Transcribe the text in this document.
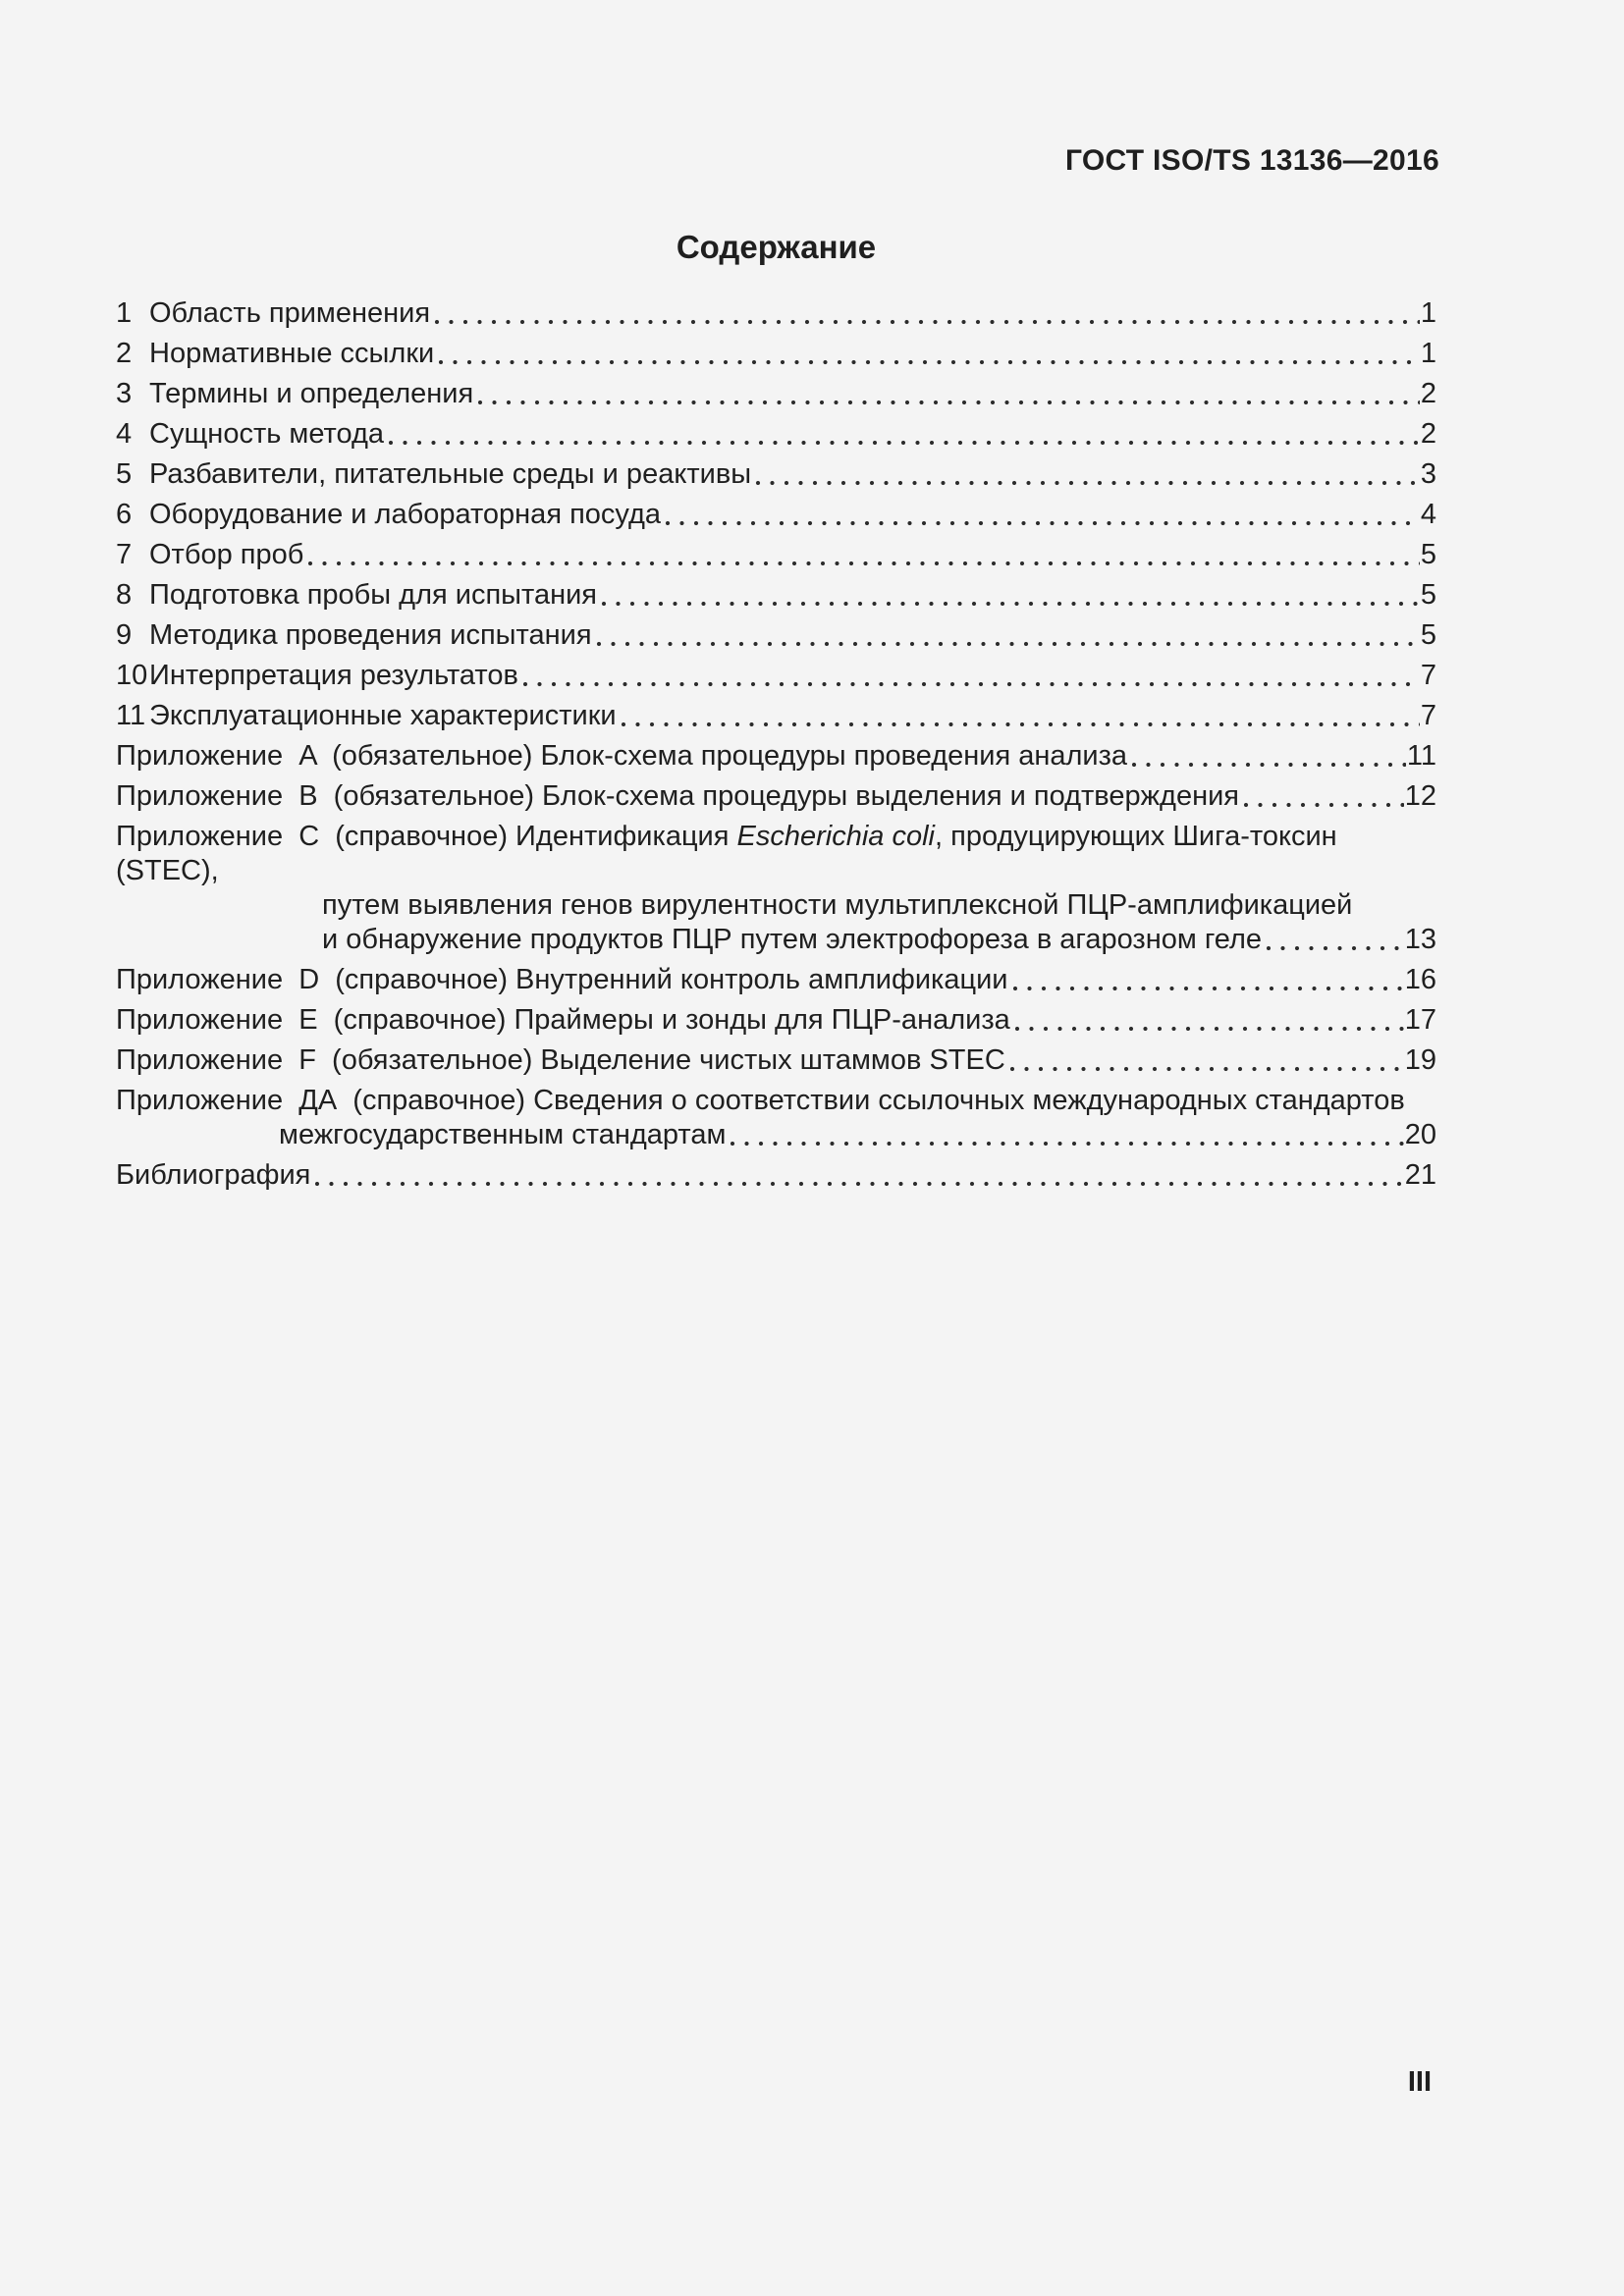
ГОСТ ISO/TS 13136—2016
Содержание
1 Область применения	1
2 Нормативные ссылки	1
3 Термины и определения	2
4 Сущность метода	2
5 Разбавители, питательные среды и реактивы	3
6 Оборудование и лабораторная посуда	4
7 Отбор проб	5
8 Подготовка пробы для испытания	5
9 Методика проведения испытания	5
10 Интерпретация результатов	7
11 Эксплуатационные характеристики	7
Приложение  A  (обязательное) Блок-схема процедуры проведения анализа	11
Приложение  B  (обязательное) Блок-схема процедуры выделения и подтверждения	12
Приложение  C  (справочное) Идентификация Escherichia coli, продуцирующих Шига-токсин (STEC),
путем выявления генов вирулентности мультиплексной ПЦР-амплификацией
и обнаружение продуктов ПЦР путем электрофореза в агарозном геле	13
Приложение  D  (справочное) Внутренний контроль амплификации	16
Приложение  E  (справочное) Праймеры и зонды для ПЦР-анализа	17
Приложение  F  (обязательное) Выделение чистых штаммов STEC	19
Приложение  ДА  (справочное) Сведения о соответствии ссылочных международных стандартов
межгосударственным стандартам	20
Библиография	21
III
